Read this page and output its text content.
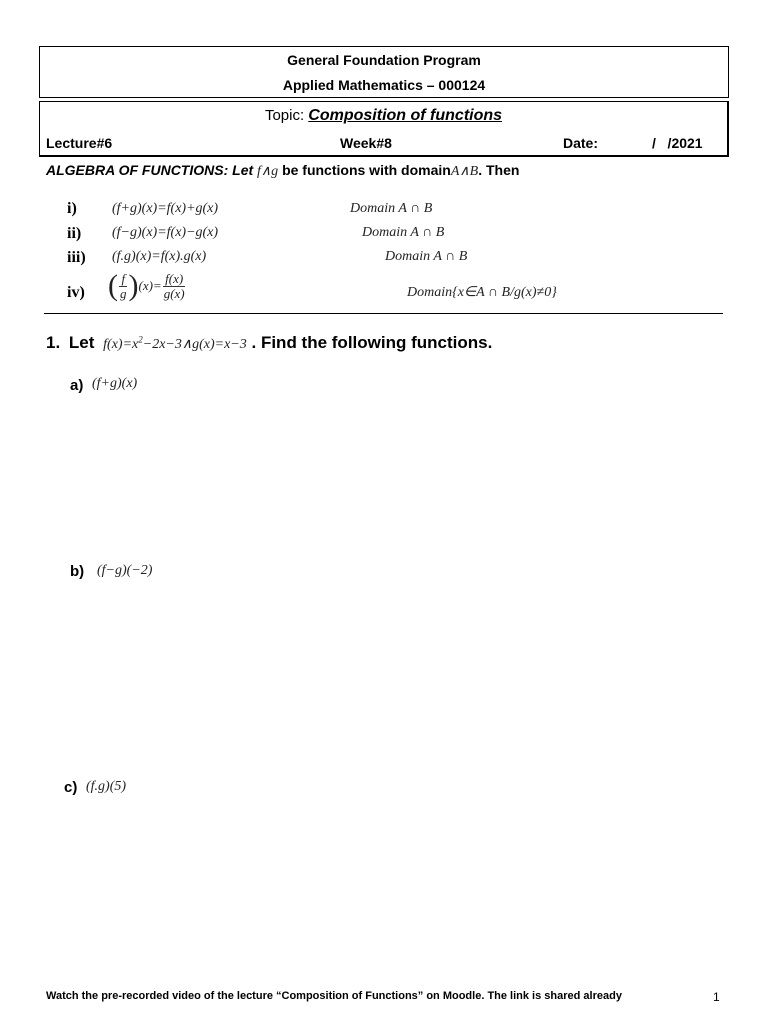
General Foundation Program
Applied Mathematics – 000124
Topic: Composition of functions
Lecture#6	Week#8	Date:	/   /2021
ALGEBRA OF FUNCTIONS: Let f∧g be functions with domainA∧B. Then
i)	(f+g)(x)=f(x)+g(x)	Domain A ∩ B
ii) (f−g)(x)=f(x)−g(x)	Domain A ∩ B
iii) (f.g)(x)=f(x).g(x)	Domain A ∩ B
iv) ( $\frac{f}{g} )(x)= \frac{f(x)}{g(x)}$	Domain{x∈A ∩ B/g(x)≠0}
1. Let $f(x)=x^2-2x-3\wedge g(x)=x-3$ . Find the following functions.
a) (f+g)(x)
b) (f−g)(−2)
c) (f.g)(5)
Watch the pre-recorded video of the lecture “Composition of Functions” on Moodle. The link is shared already	1
